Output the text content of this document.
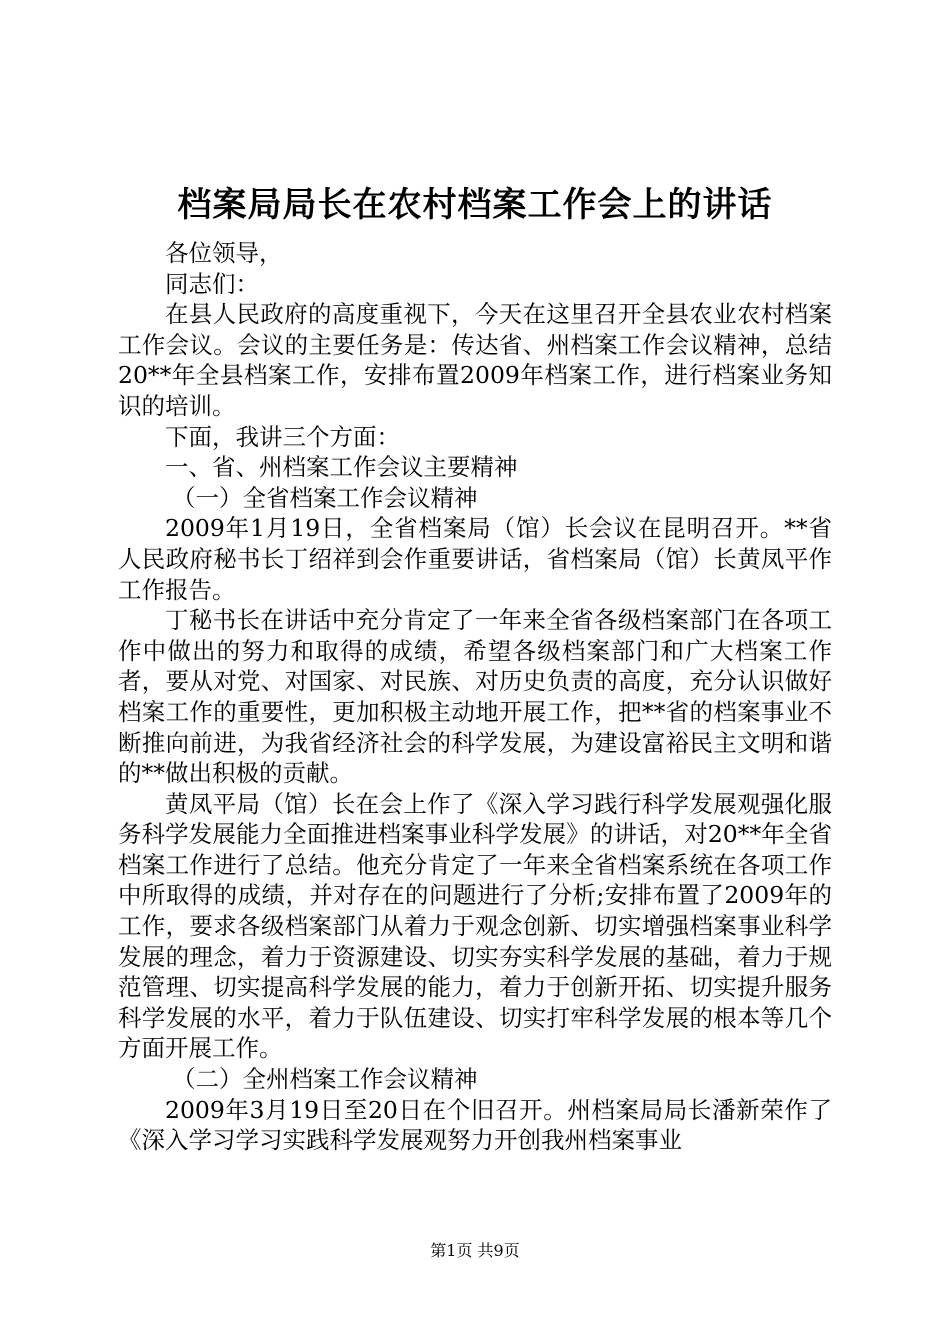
档案局局长在农村档案工作会上的讲话

各位领导，

同志们：

在县人民政府的高度重视下，今天在这里召开全县农业农村档案工作会议。会议的主要任务是：传达省、州档案工作会议精神，总结20**年全县档案工作，安排布置2009年档案工作，进行档案业务知识的培训。

下面，我讲三个方面：

一、省、州档案工作会议主要精神

（一）全省档案工作会议精神

2009年1月19日，全省档案局（馆）长会议在昆明召开。**省人民政府秘书长丁绍祥到会作重要讲话，省档案局（馆）长黄凤平作工作报告。

丁秘书长在讲话中充分肯定了一年来全省各级档案部门在各项工作中做出的努力和取得的成绩，希望各级档案部门和广大档案工作者，要从对党、对国家、对民族、对历史负责的高度，充分认识做好档案工作的重要性，更加积极主动地开展工作，把**省的档案事业不断推向前进，为我省经济社会的科学发展，为建设富裕民主文明和谐的**做出积极的贡献。

黄凤平局（馆）长在会上作了《深入学习践行科学发展观强化服务科学发展能力全面推进档案事业科学发展》的讲话，对20**年全省档案工作进行了总结。他充分肯定了一年来全省档案系统在各项工作中所取得的成绩，并对存在的问题进行了分析;安排布置了2009年的工作，要求各级档案部门从着力于观念创新、切实增强档案事业科学发展的理念，着力于资源建设、切实夯实科学发展的基础，着力于规范管理、切实提高科学发展的能力，着力于创新开拓、切实提升服务科学发展的水平，着力于队伍建设、切实打牢科学发展的根本等几个方面开展工作。

（二）全州档案工作会议精神

2009年3月19日至20日在个旧召开。州档案局局长潘新荣作了《深入学习学习实践科学发展观努力开创我州档案事业

第1页 共9页
